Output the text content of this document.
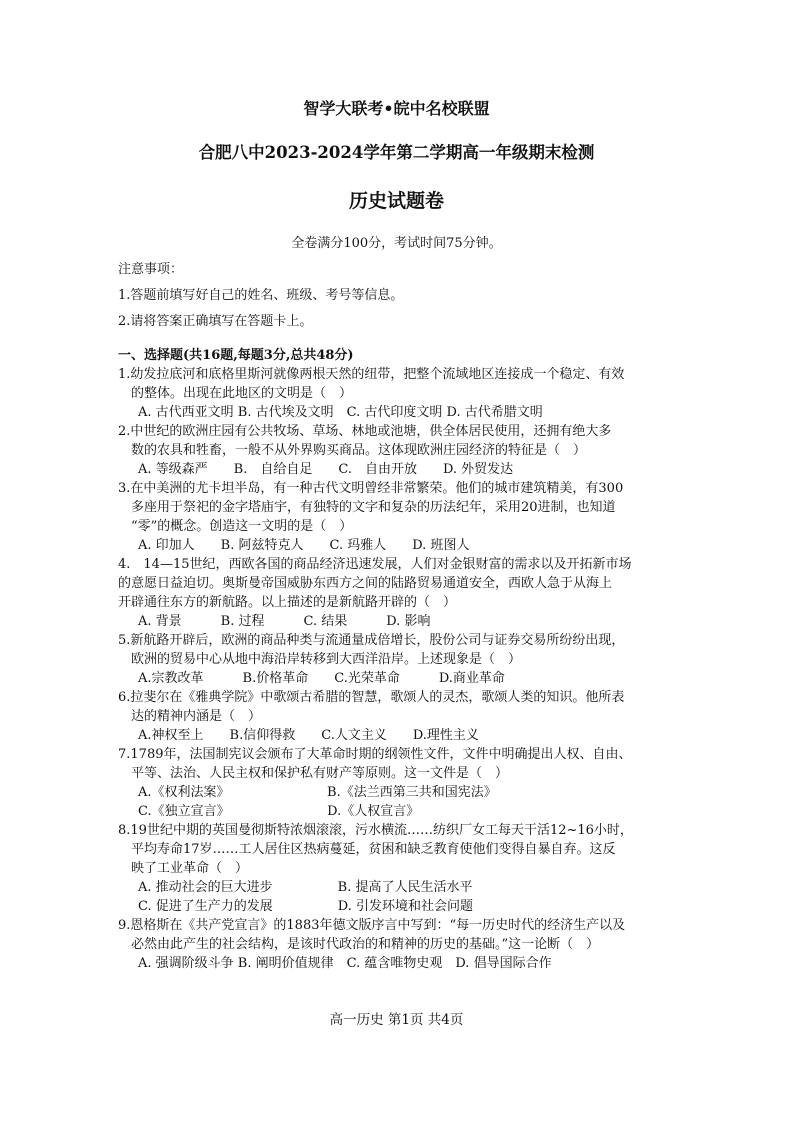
智学大联考•皖中名校联盟
合肥八中2023-2024学年第二学期高一年级期末检测
历史试题卷
全卷满分100分，考试时间75分钟。
注意事项：
1.答题前填写好自己的姓名、班级、考号等信息。
2.请将答案正确填写在答题卡上。
一、选择题(共16题,每题3分,总共48分)
1.幼发拉底河和底格里斯河就像两根天然的纽带，把整个流域地区连接成一个稳定、有效
的整体。出现在此地区的文明是（　）
A. 古代西亚文明 B. 古代埃及文明　C. 古代印度文明 D. 古代希腊文明
2.中世纪的欧洲庄园有公共牧场、草场、林地或池塘，供全体居民使用，还拥有绝大多
数的农具和牲畜，一般不从外界购买商品。这体现欧洲庄园经济的特征是（　）
A. 等级森严　　B.　自给自足　　C.　自由开放　　D. 外贸发达
3.在中美洲的尤卡坦半岛，有一种古代文明曾经非常繁荣。他们的城市建筑精美，有300
多座用于祭祀的金字塔庙宇，有独特的文字和复杂的历法纪年，采用20进制，也知道
“零”的概念。创造这一文明的是（　）
A. 印加人　　B. 阿兹特克人　　C. 玛雅人　　D. 班图人
4.　14—15世纪，西欧各国的商品经济迅速发展，人们对金银财富的需求以及开拓新市场
的意愿日益迫切。奥斯曼帝国威胁东西方之间的陆路贸易通道安全，西欧人急于从海上
开辟通往东方的新航路。以上描述的是新航路开辟的（　）
A. 背景　　　B. 过程　　　C. 结果　　　D. 影响
5.新航路开辟后，欧洲的商品种类与流通量成倍增长，股份公司与证券交易所纷纷出现，
欧洲的贸易中心从地中海沿岸转移到大西洋沿岸。上述现象是（　）
A.宗教改革　　　B.价格革命　　C.光荣革命　　　D.商业革命
6.拉斐尔在《雅典学院》中歌颂古希腊的智慧，歌颂人的灵杰，歌颂人类的知识。他所表
达的精神内涵是（　）
A.神权至上　　B.信仰得救　　C.人文主义　　D.理性主义
7.1789年，法国制宪议会颁布了大革命时期的纲领性文件，文件中明确提出人权、自由、
平等、法治、人民主权和保护私有财产等原则。这一文件是（　）
A.《权利法案》　　　　　　　　B.《法兰西第三共和国宪法》
C.《独立宣言》　　　　　　　　D.《人权宣言》
8.19世纪中期的英国曼彻斯特浓烟滚滚，污水横流……纺织厂女工每天干活12~16小时，
平均寿命17岁……工人居住区热病蔓延，贫困和缺乏教育使他们变得自暴自弃。这反
映了工业革命（　）
A. 推动社会的巨大进步　　　　　B. 提高了人民生活水平
C. 促进了生产力的发展　　　　　D. 引发环境和社会问题
9.恩格斯在《共产党宣言》的1883年德文版序言中写到：“每一历史时代的经济生产以及
必然由此产生的社会结构，是该时代政治的和精神的历史的基础。”这一论断（　）
A. 强调阶级斗争 B. 阐明价值规律　C. 蕴含唯物史观　D. 倡导国际合作
高一历史 第1页 共4页
